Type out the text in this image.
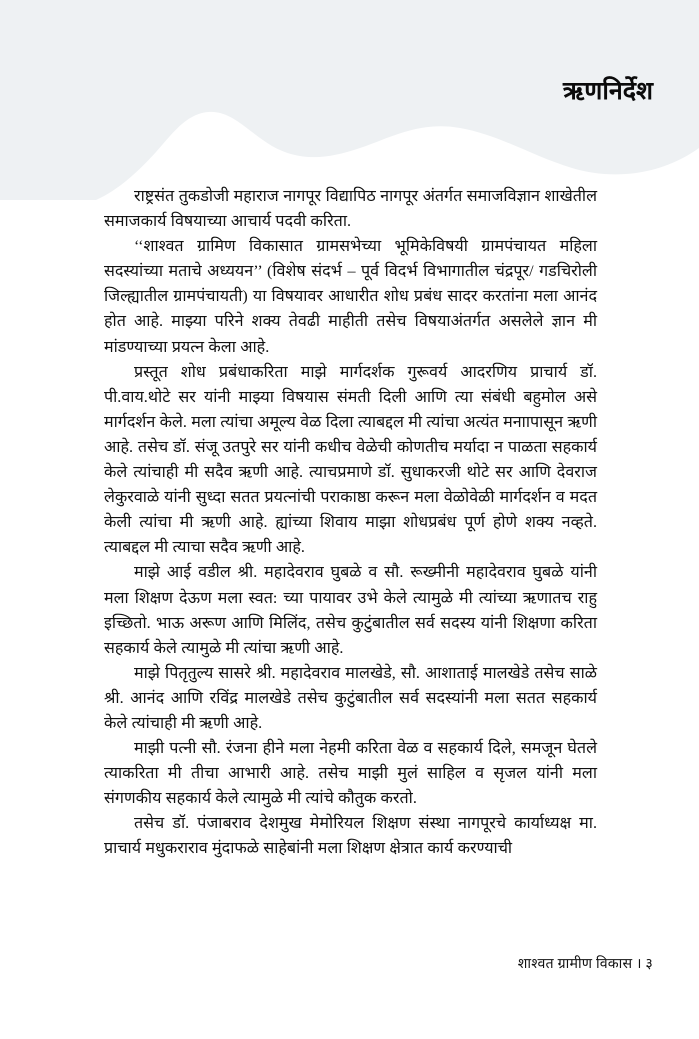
ऋणनिर्देश

राष्ट्रसंत तुकडोजी महाराज नागपूर विद्यापिठ नागपूर अंतर्गत समाजविज्ञान शाखेतील समाजकार्य विषयाच्या आचार्य पदवी करिता.

‘‘शाश्वत ग्रामिण विकासात ग्रामसभेच्या भूमिकेविषयी ग्रामपंचायत महिला सदस्यांच्या मताचे अध्ययन’’ (विशेष संदर्भ – पूर्व विदर्भ विभागातील चंद्रपूर/ गडचिरोली जिल्ह्यातील ग्रामपंचायती) या विषयावर आधारीत शोध प्रबंध सादर करतांना मला आनंद होत आहे. माझ्या परिने शक्य तेवढी माहीती तसेच विषयाअंतर्गत असलेले ज्ञान मी मांडण्याच्या प्रयत्न केला आहे.

प्रस्तूत शोध प्रबंधाकरिता माझे मार्गदर्शक गुरूवर्य आदरणिय प्राचार्य डॉ. पी.वाय.थोटे सर यांनी माझ्या विषयास संमती दिली आणि त्या संबंधी बहुमोल असे मार्गदर्शन केले. मला त्यांचा अमूल्य वेळ दिला त्याबद्दल मी त्यांचा अत्यंत मनाापासून ऋणी आहे. तसेच डॉ. संजू उतपुरे सर यांनी कधीच वेळेची कोणतीच मर्यादा न पाळता सहकार्य केले त्यांचाही मी सदैव ऋणी आहे. त्याचप्रमाणे डॉ. सुधाकरजी थोटे सर आणि देवराज लेकुरवाळे यांनी सुध्दा सतत प्रयत्नांची पराकाष्ठा करून मला वेळोवेळी मार्गदर्शन व मदत केली त्यांचा मी ऋणी आहे. ह्यांच्या शिवाय माझा शोधप्रबंध पूर्ण होणे शक्य नव्हते. त्याबद्दल मी त्याचा सदैव ऋणी आहे.

माझे आई वडील श्री. महादेवराव घुबळे व सौ. रूख्मीनी महादेवराव घुबळे यांनी मला शिक्षण देऊण मला स्वत: च्या पायावर उभे केले त्यामुळे मी त्यांच्या ऋणातच राहु इच्छितो. भाऊ अरूण आणि मिलिंद, तसेच कुटुंबातील सर्व सदस्य यांनी शिक्षणा करिता सहकार्य केले त्यामुळे मी त्यांचा ऋणी आहे.

माझे पितृतुल्य सासरे श्री. महादेवराव मालखेडे, सौ. आशाताई मालखेडे तसेच साळे श्री. आनंद आणि रविंद्र मालखेडे तसेच कुटुंबातील सर्व सदस्यांनी मला सतत सहकार्य केले त्यांचाही मी ऋणी आहे.

माझी पत्नी सौ. रंजना हीने मला नेहमी करिता वेळ व सहकार्य दिले, समजून घेतले त्याकरिता मी तीचा आभारी आहे. तसेच माझी मुलं साहिल व सृजल यांनी मला संगणकीय सहकार्य केले त्यामुळे मी त्यांचे कौतुक करतो.

तसेच डॉ. पंजाबराव देशमुख मेमोरियल शिक्षण संस्था नागपूरचे कार्याध्यक्ष मा. प्राचार्य मधुकराराव मुंदाफळे साहेबांनी मला शिक्षण क्षेत्रात कार्य करण्याची

शाश्वत ग्रामीण विकास । ३
